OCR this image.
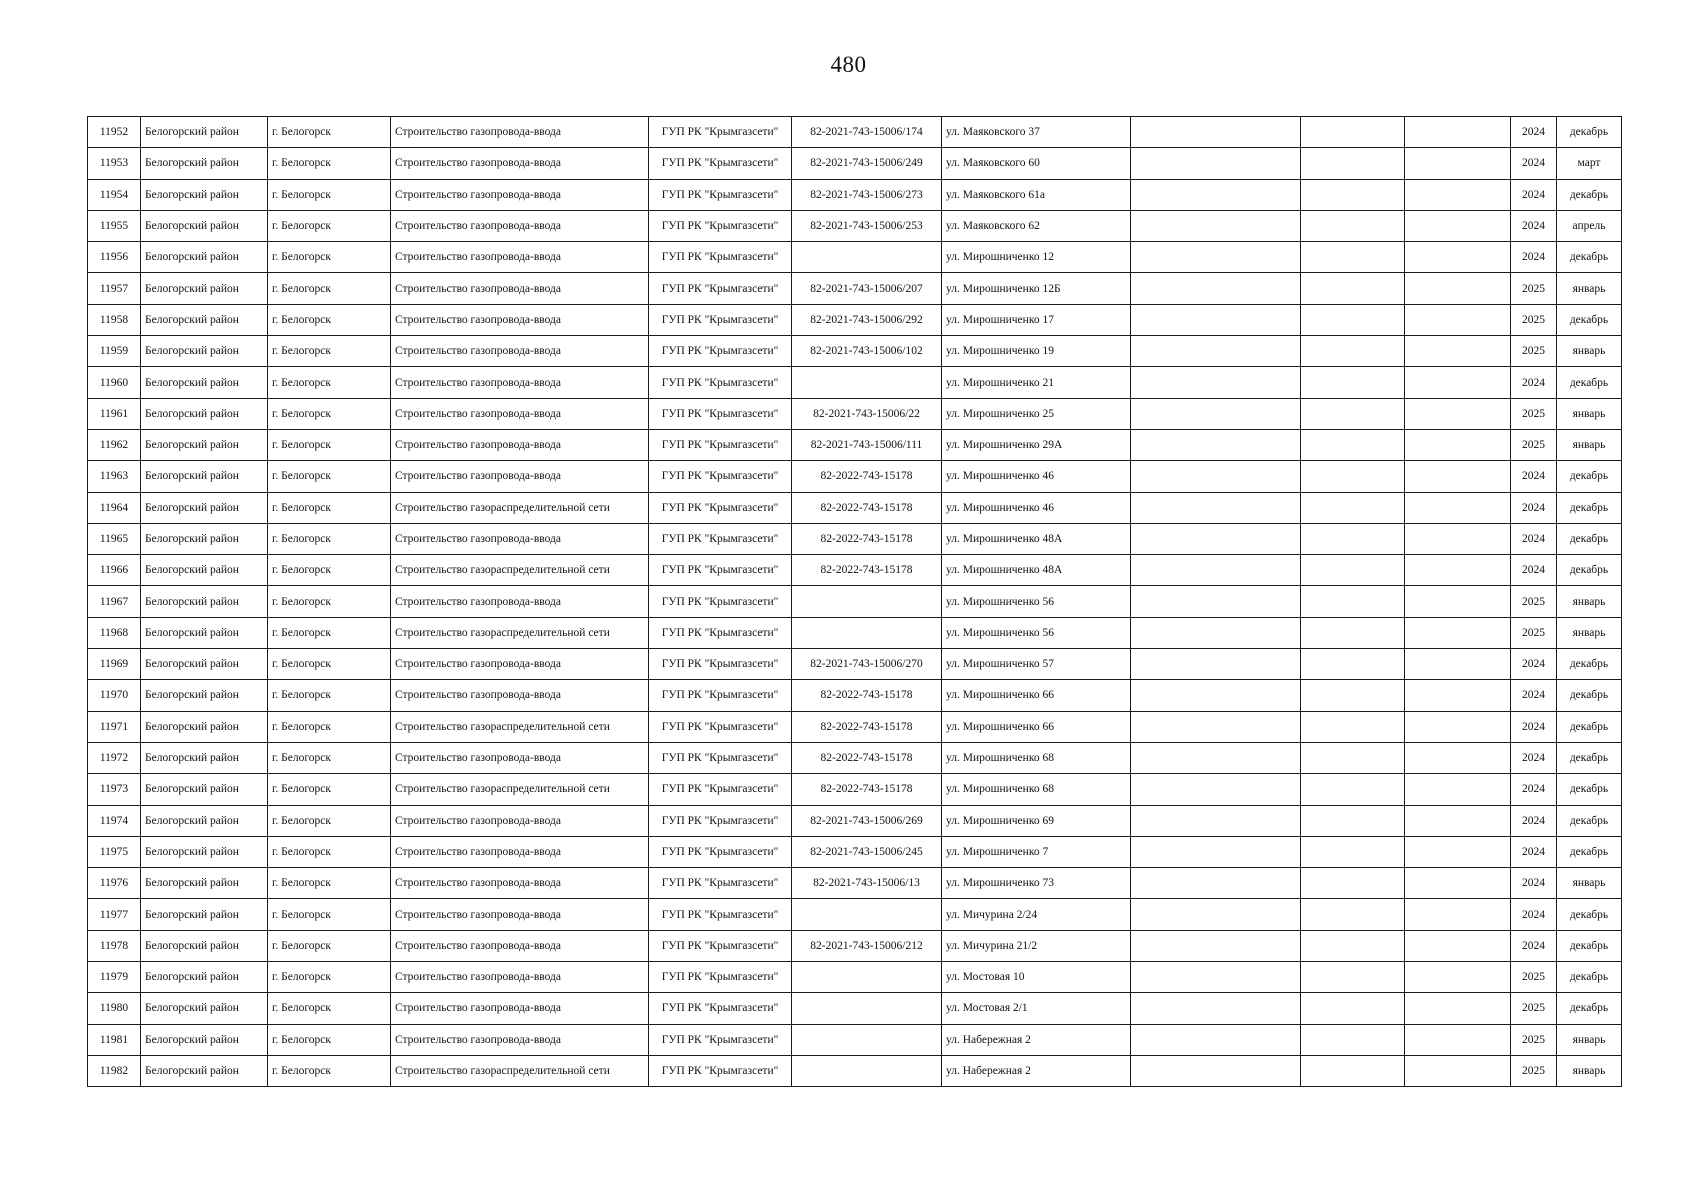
480
11952	Белогорский район	г. Белогорск	Строительство газопровода-ввода	ГУП РК "Крымгазсети"	82-2021-743-15006/174	ул. Маяковского 37				2024	декабрь
11953	Белогорский район	г. Белогорск	Строительство газопровода-ввода	ГУП РК "Крымгазсети"	82-2021-743-15006/249	ул. Маяковского 60				2024	март
11954	Белогорский район	г. Белогорск	Строительство газопровода-ввода	ГУП РК "Крымгазсети"	82-2021-743-15006/273	ул. Маяковского 61а				2024	декабрь
11955	Белогорский район	г. Белогорск	Строительство газопровода-ввода	ГУП РК "Крымгазсети"	82-2021-743-15006/253	ул. Маяковского 62				2024	апрель
11956	Белогорский район	г. Белогорск	Строительство газопровода-ввода	ГУП РК "Крымгазсети"		ул. Мирошниченко 12				2024	декабрь
11957	Белогорский район	г. Белогорск	Строительство газопровода-ввода	ГУП РК "Крымгазсети"	82-2021-743-15006/207	ул. Мирошниченко 12Б				2025	январь
11958	Белогорский район	г. Белогорск	Строительство газопровода-ввода	ГУП РК "Крымгазсети"	82-2021-743-15006/292	ул. Мирошниченко 17				2025	декабрь
11959	Белогорский район	г. Белогорск	Строительство газопровода-ввода	ГУП РК "Крымгазсети"	82-2021-743-15006/102	ул. Мирошниченко 19				2025	январь
11960	Белогорский район	г. Белогорск	Строительство газопровода-ввода	ГУП РК "Крымгазсети"		ул. Мирошниченко 21				2024	декабрь
11961	Белогорский район	г. Белогорск	Строительство газопровода-ввода	ГУП РК "Крымгазсети"	82-2021-743-15006/22	ул. Мирошниченко 25				2025	январь
11962	Белогорский район	г. Белогорск	Строительство газопровода-ввода	ГУП РК "Крымгазсети"	82-2021-743-15006/111	ул. Мирошниченко 29А				2025	январь
11963	Белогорский район	г. Белогорск	Строительство газопровода-ввода	ГУП РК "Крымгазсети"	82-2022-743-15178	ул. Мирошниченко 46				2024	декабрь
11964	Белогорский район	г. Белогорск	Строительство газораспределительной сети	ГУП РК "Крымгазсети"	82-2022-743-15178	ул. Мирошниченко 46				2024	декабрь
11965	Белогорский район	г. Белогорск	Строительство газопровода-ввода	ГУП РК "Крымгазсети"	82-2022-743-15178	ул. Мирошниченко 48А				2024	декабрь
11966	Белогорский район	г. Белогорск	Строительство газораспределительной сети	ГУП РК "Крымгазсети"	82-2022-743-15178	ул. Мирошниченко 48А				2024	декабрь
11967	Белогорский район	г. Белогорск	Строительство газопровода-ввода	ГУП РК "Крымгазсети"		ул. Мирошниченко 56				2025	январь
11968	Белогорский район	г. Белогорск	Строительство газораспределительной сети	ГУП РК "Крымгазсети"		ул. Мирошниченко 56				2025	январь
11969	Белогорский район	г. Белогорск	Строительство газопровода-ввода	ГУП РК "Крымгазсети"	82-2021-743-15006/270	ул. Мирошниченко 57				2024	декабрь
11970	Белогорский район	г. Белогорск	Строительство газопровода-ввода	ГУП РК "Крымгазсети"	82-2022-743-15178	ул. Мирошниченко 66				2024	декабрь
11971	Белогорский район	г. Белогорск	Строительство газораспределительной сети	ГУП РК "Крымгазсети"	82-2022-743-15178	ул. Мирошниченко 66				2024	декабрь
11972	Белогорский район	г. Белогорск	Строительство газопровода-ввода	ГУП РК "Крымгазсети"	82-2022-743-15178	ул. Мирошниченко 68				2024	декабрь
11973	Белогорский район	г. Белогорск	Строительство газораспределительной сети	ГУП РК "Крымгазсети"	82-2022-743-15178	ул. Мирошниченко 68				2024	декабрь
11974	Белогорский район	г. Белогорск	Строительство газопровода-ввода	ГУП РК "Крымгазсети"	82-2021-743-15006/269	ул. Мирошниченко 69				2024	декабрь
11975	Белогорский район	г. Белогорск	Строительство газопровода-ввода	ГУП РК "Крымгазсети"	82-2021-743-15006/245	ул. Мирошниченко 7				2024	декабрь
11976	Белогорский район	г. Белогорск	Строительство газопровода-ввода	ГУП РК "Крымгазсети"	82-2021-743-15006/13	ул. Мирошниченко 73				2024	январь
11977	Белогорский район	г. Белогорск	Строительство газопровода-ввода	ГУП РК "Крымгазсети"		ул. Мичурина 2/24				2024	декабрь
11978	Белогорский район	г. Белогорск	Строительство газопровода-ввода	ГУП РК "Крымгазсети"	82-2021-743-15006/212	ул. Мичурина 21/2				2024	декабрь
11979	Белогорский район	г. Белогорск	Строительство газопровода-ввода	ГУП РК "Крымгазсети"		ул. Мостовая 10				2025	декабрь
11980	Белогорский район	г. Белогорск	Строительство газопровода-ввода	ГУП РК "Крымгазсети"		ул. Мостовая 2/1				2025	декабрь
11981	Белогорский район	г. Белогорск	Строительство газопровода-ввода	ГУП РК "Крымгазсети"		ул. Набережная 2				2025	январь
11982	Белогорский район	г. Белогорск	Строительство газораспределительной сети	ГУП РК "Крымгазсети"		ул. Набережная 2				2025	январь
